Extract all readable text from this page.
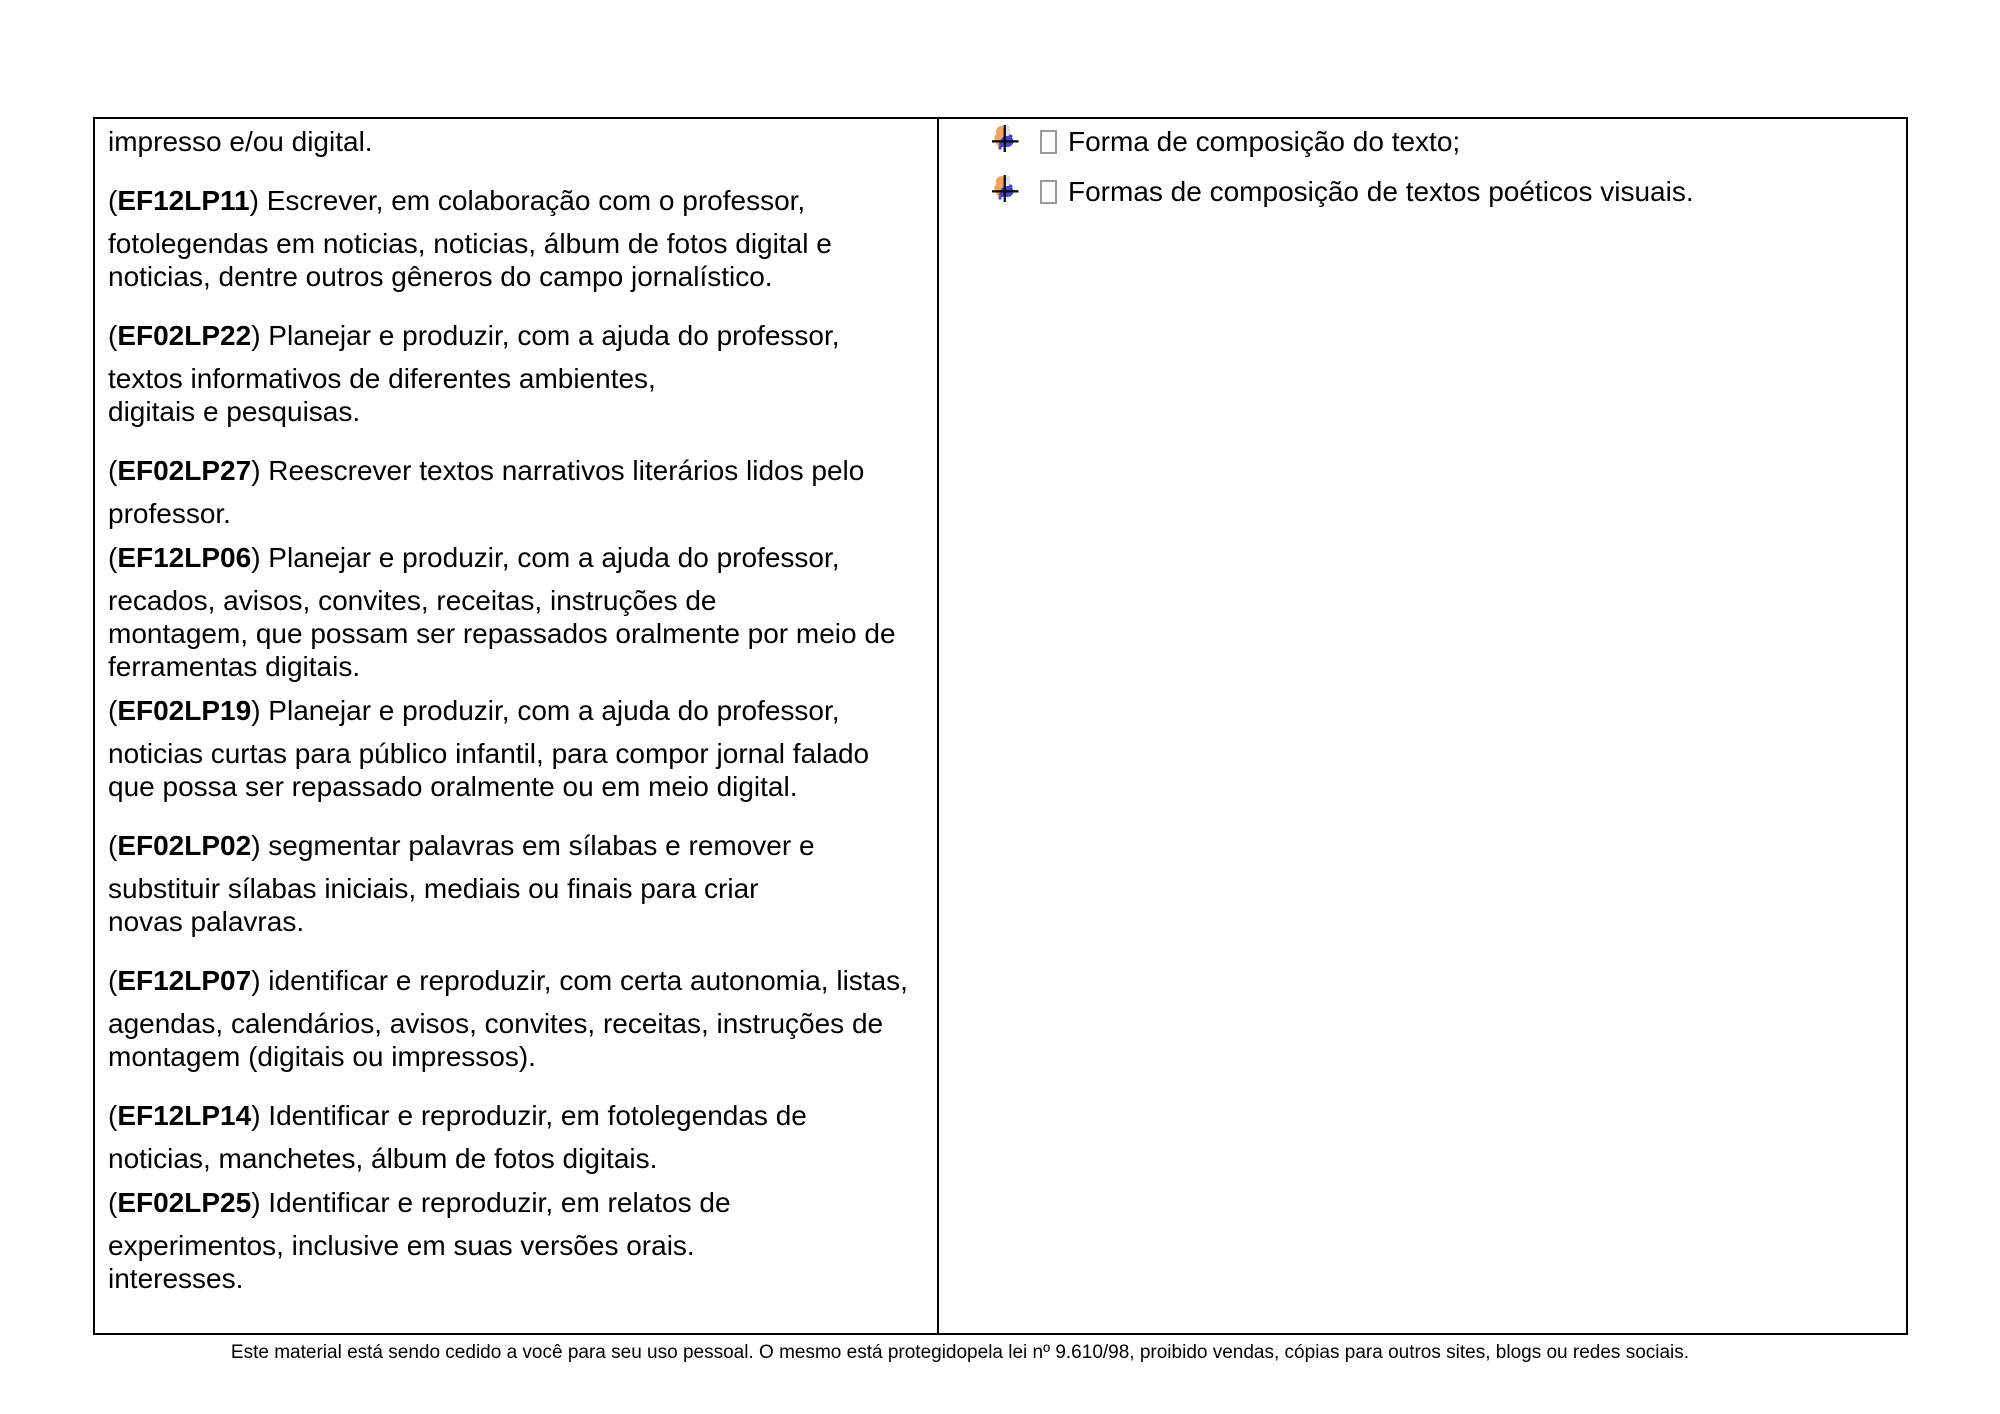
impresso e/ou digital.
(EF12LP11) Escrever, em colaboração com o professor,
fotolegendas em noticias, noticias, álbum de fotos digital e
noticias, dentre outros gêneros do campo jornalístico.
(EF02LP22) Planejar e produzir, com a ajuda do professor,
textos informativos de diferentes ambientes,
digitais e pesquisas.
(EF02LP27) Reescrever textos narrativos literários lidos pelo
professor.
(EF12LP06) Planejar e produzir, com a ajuda do professor,
recados, avisos, convites, receitas, instruções de
montagem, que possam ser repassados oralmente por meio de
ferramentas digitais.
(EF02LP19) Planejar e produzir, com a ajuda do professor,
noticias curtas para público infantil, para compor jornal falado
que possa ser repassado oralmente ou em meio digital.
(EF02LP02) segmentar palavras em sílabas e remover e
substituir sílabas iniciais, mediais ou finais para criar
novas palavras.
(EF12LP07) identificar e reproduzir, com certa autonomia, listas,
agendas, calendários, avisos, convites, receitas, instruções de
montagem (digitais ou impressos).
(EF12LP14) Identificar e reproduzir, em fotolegendas de
noticias, manchetes, álbum de fotos digitais.
(EF02LP25) Identificar e reproduzir, em relatos de
experimentos, inclusive em suas versões orais.
interesses.
Forma de composição do texto;
Formas de composição de textos poéticos visuais.
Este material está sendo cedido a você para seu uso pessoal. O mesmo está protegidopela lei nº 9.610/98, proibido vendas, cópias para outros sites, blogs ou redes sociais.
